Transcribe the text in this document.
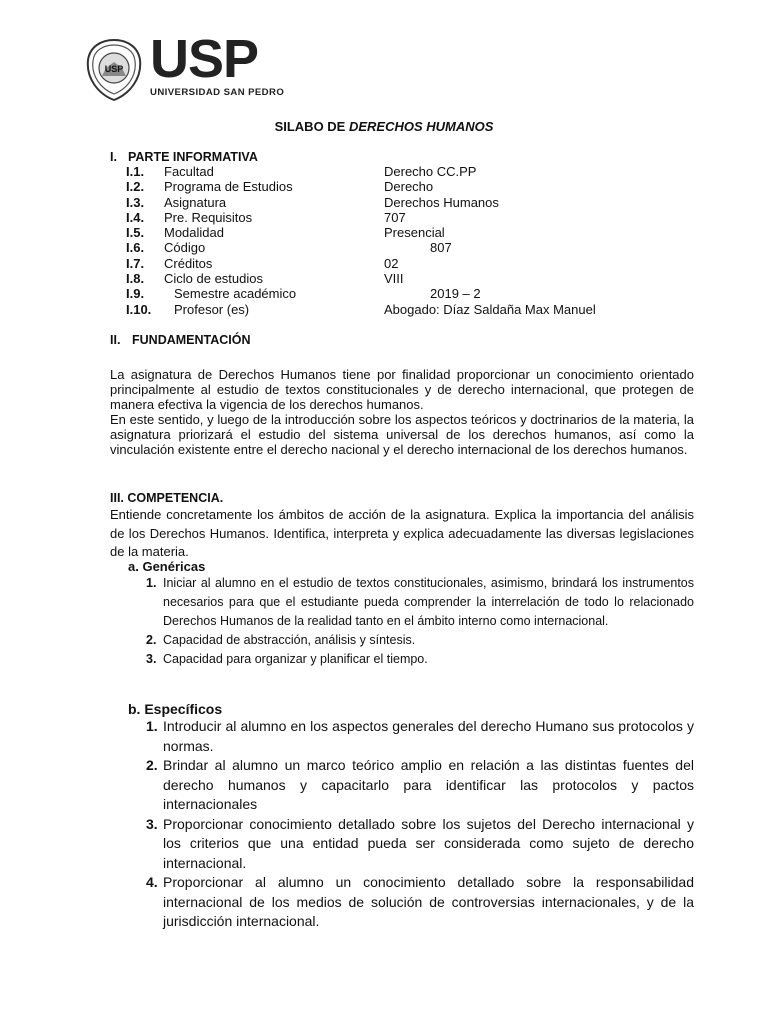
USP USP
UNIVERSIDAD SAN PEDRO
SILABO DE DERECHOS HUMANOS
I. PARTE INFORMATIVA
I.1.	Facultad	Derecho CC.PP
I.2.	Programa de Estudios	Derecho
I.3.	Asignatura	Derechos Humanos
I.4.	Pre. Requisitos	707
I.5.	Modalidad	Presencial
I.6.	Código	807
I.7.	Créditos	02
I.8.	Ciclo de estudios	VIII
I.9.	Semestre académico	2019 – 2
I.10.	Profesor (es)	Abogado: Díaz Saldaña Max Manuel
II. FUNDAMENTACIÓN

La asignatura de Derechos Humanos tiene por finalidad proporcionar un conocimiento orientado principalmente al estudio de textos constitucionales y de derecho internacional, que protegen de manera efectiva la vigencia de los derechos humanos.

En este sentido, y luego de la introducción sobre los aspectos teóricos y doctrinarios de la materia, la asignatura priorizará el estudio del sistema universal de los derechos humanos, así como la vinculación existente entre el derecho nacional y el derecho internacional de los derechos humanos.

III. COMPETENCIA.

Entiende concretamente los ámbitos de acción de la asignatura. Explica la importancia del análisis de los Derechos Humanos. Identifica, interpreta y explica adecuadamente las diversas legislaciones de la materia.

a. Genéricas
1. Iniciar al alumno en el estudio de textos constitucionales, asimismo, brindará los instrumentos necesarios para que el estudiante pueda comprender la interrelación de todo lo relacionado Derechos Humanos de la realidad tanto en el ámbito interno como internacional.
2. Capacidad de abstracción, análisis y síntesis.
3. Capacidad para organizar y planificar el tiempo.
b. Específicos
1. Introducir al alumno en los aspectos generales del derecho Humano sus protocolos y normas.
2. Brindar al alumno un marco teórico amplio en relación a las distintas fuentes del derecho humanos y capacitarlo para identificar las protocolos y pactos internacionales
3. Proporcionar conocimiento detallado sobre los sujetos del Derecho internacional y los criterios que una entidad pueda ser considerada como sujeto de derecho internacional.
4. Proporcionar al alumno un conocimiento detallado sobre la responsabilidad internacional de los medios de solución de controversias internacionales, y de la jurisdicción internacional.
